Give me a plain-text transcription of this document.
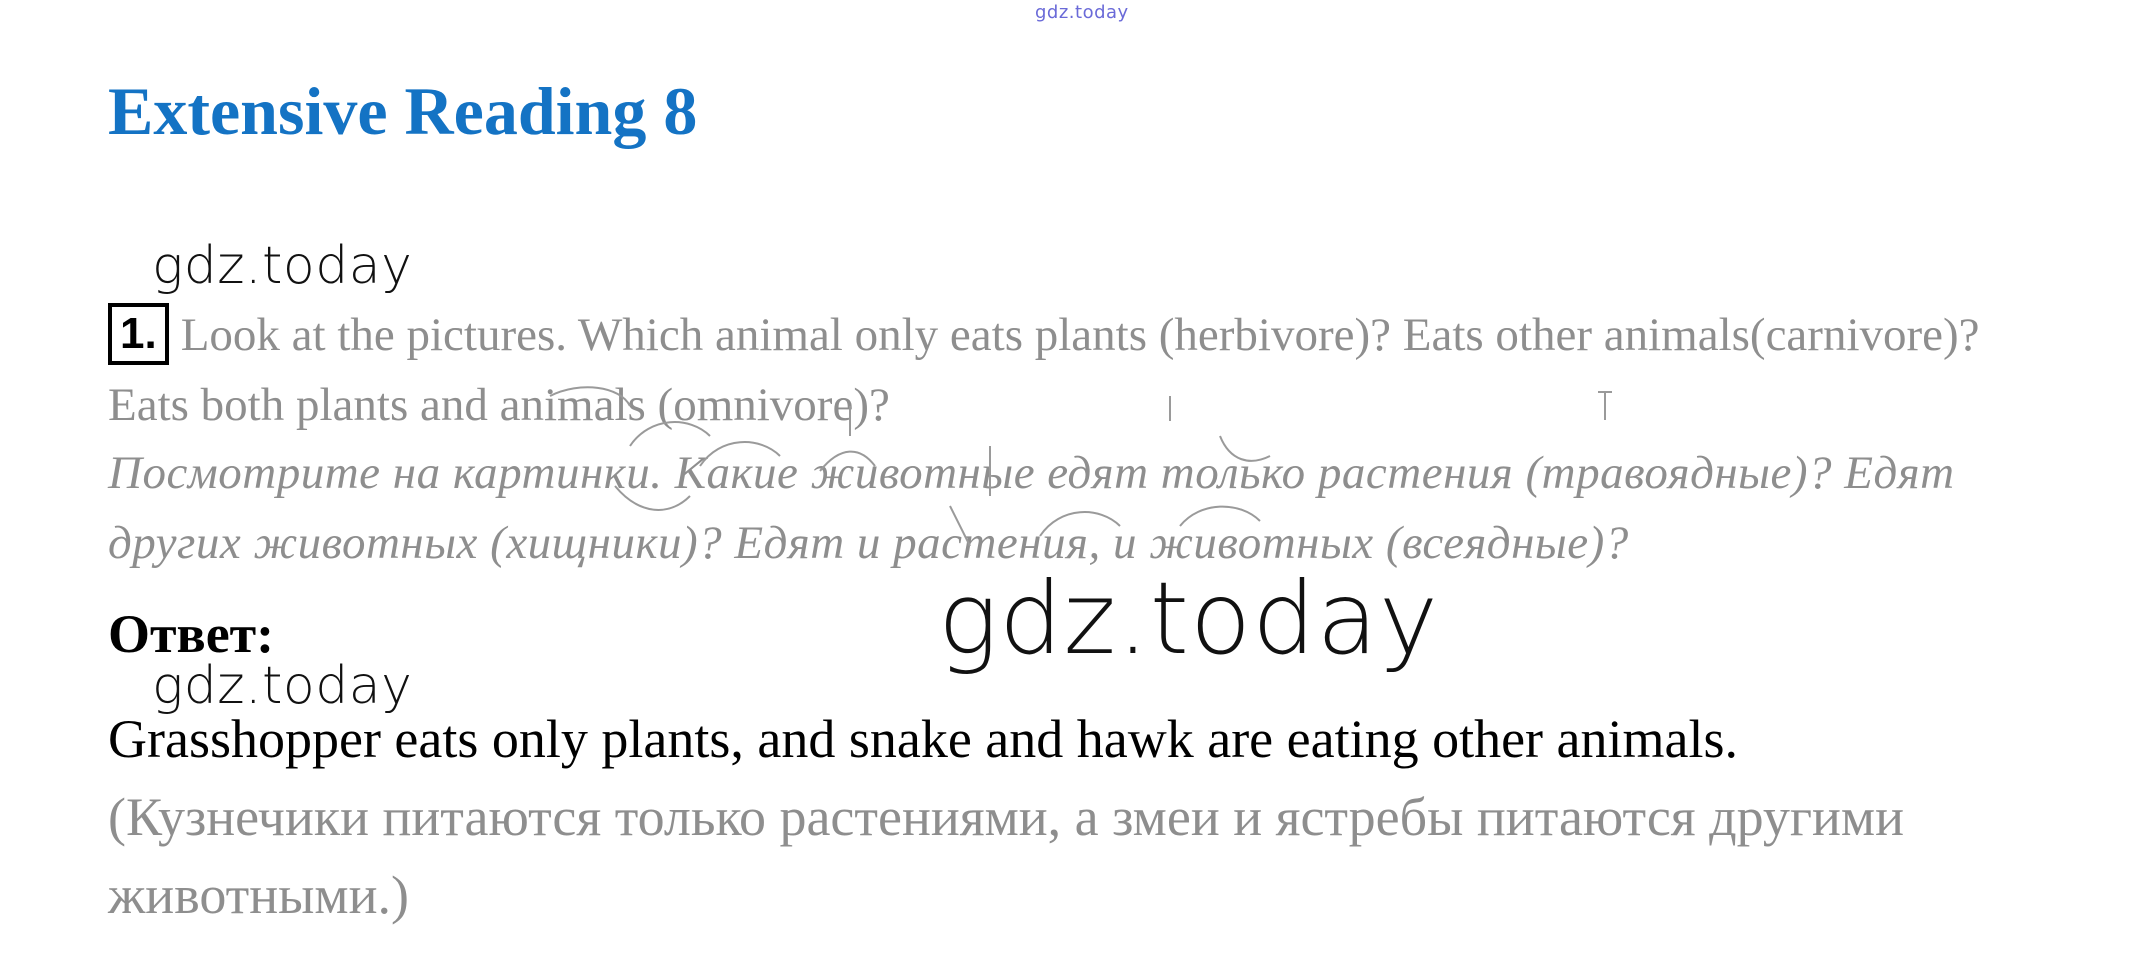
gdz.today
Extensive Reading 8
gdz.today
1. Look at the pictures. Which animal only eats plants (herbivore)? Eats other animals(carnivore)? Eats both plants and animals (omnivore)?
Посмотрите на картинки. Какие животные едят только растения (травоядные)? Едят других животных (хищники)? Едят и растения, и животных (всеядные)?
gdz.today
Ответ:
gdz.today
Grasshopper eats only plants, and snake and hawk are eating other animals.
(Кузнечики питаются только растениями, а змеи и ястребы питаются другими животными.)
